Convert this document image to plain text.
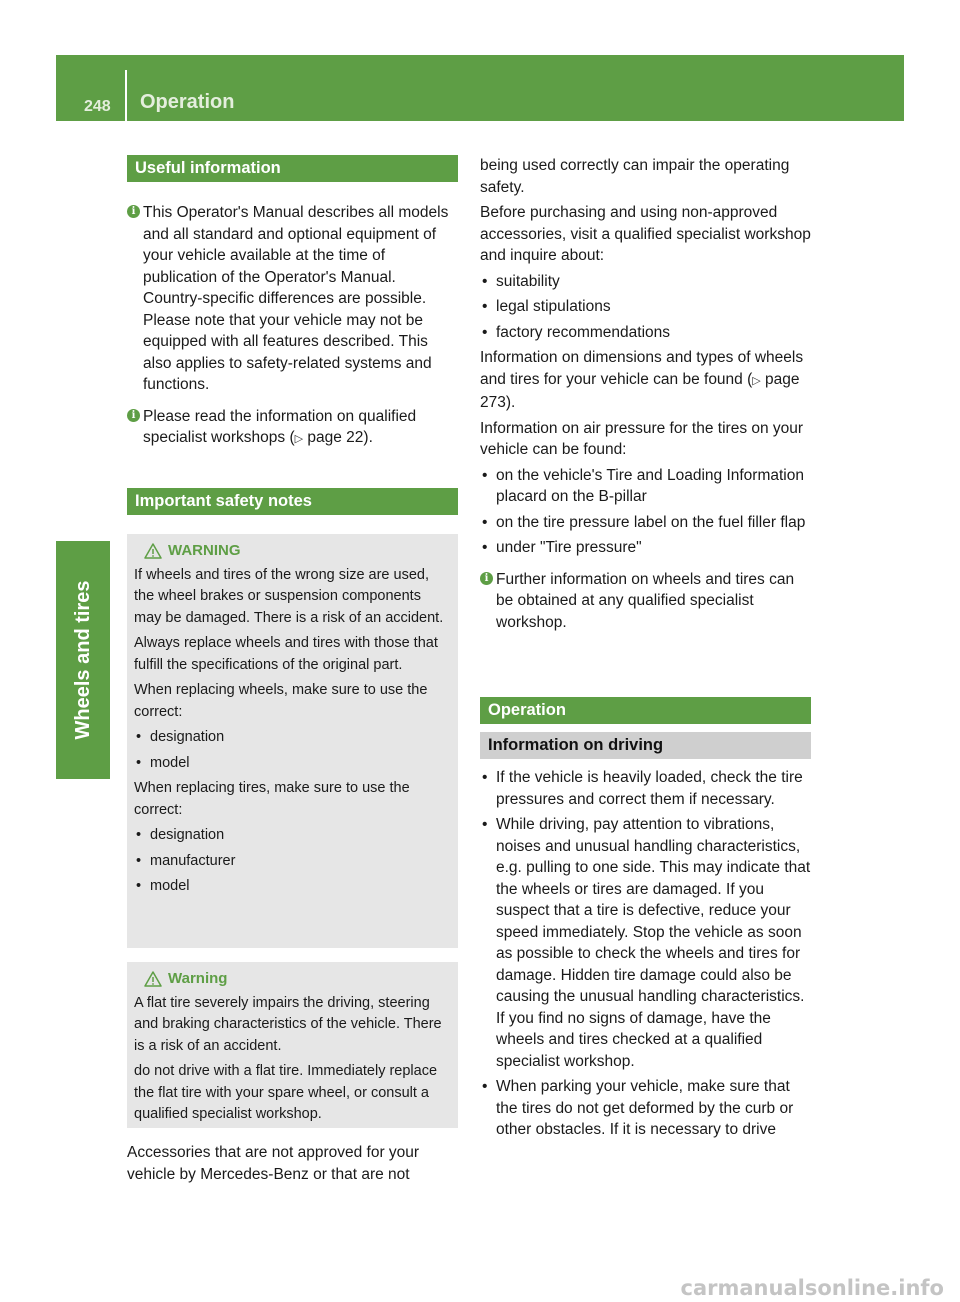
248 Operation
Wheels and tires
Useful information
i This Operator's Manual describes all models and all standard and optional equipment of your vehicle available at the time of publication of the Operator's Manual. Country-specific differences are possible. Please note that your vehicle may not be equipped with all features described. This also applies to safety-related systems and functions.
i Please read the information on qualified specialist workshops (▷ page 22).
Important safety notes
WARNING
If wheels and tires of the wrong size are used, the wheel brakes or suspension components may be damaged. There is a risk of an accident.
Always replace wheels and tires with those that fulfill the specifications of the original part.
When replacing wheels, make sure to use the correct:
• designation
• model
When replacing tires, make sure to use the correct:
• designation
• manufacturer
• model
Warning
A flat tire severely impairs the driving, steering and braking characteristics of the vehicle. There is a risk of an accident.
do not drive with a flat tire. Immediately replace the flat tire with your spare wheel, or consult a qualified specialist workshop.
Accessories that are not approved for your vehicle by Mercedes-Benz or that are not
being used correctly can impair the operating safety.
Before purchasing and using non-approved accessories, visit a qualified specialist workshop and inquire about:
• suitability
• legal stipulations
• factory recommendations
Information on dimensions and types of wheels and tires for your vehicle can be found (▷ page 273).
Information on air pressure for the tires on your vehicle can be found:
• on the vehicle's Tire and Loading Information placard on the B-pillar
• on the tire pressure label on the fuel filler flap
• under "Tire pressure"
i Further information on wheels and tires can be obtained at any qualified specialist workshop.
Operation
Information on driving
• If the vehicle is heavily loaded, check the tire pressures and correct them if necessary.
• While driving, pay attention to vibrations, noises and unusual handling characteristics, e.g. pulling to one side. This may indicate that the wheels or tires are damaged. If you suspect that a tire is defective, reduce your speed immediately. Stop the vehicle as soon as possible to check the wheels and tires for damage. Hidden tire damage could also be causing the unusual handling characteristics. If you find no signs of damage, have the wheels and tires checked at a qualified specialist workshop.
• When parking your vehicle, make sure that the tires do not get deformed by the curb or other obstacles. If it is necessary to drive
carmanualsonline.info
